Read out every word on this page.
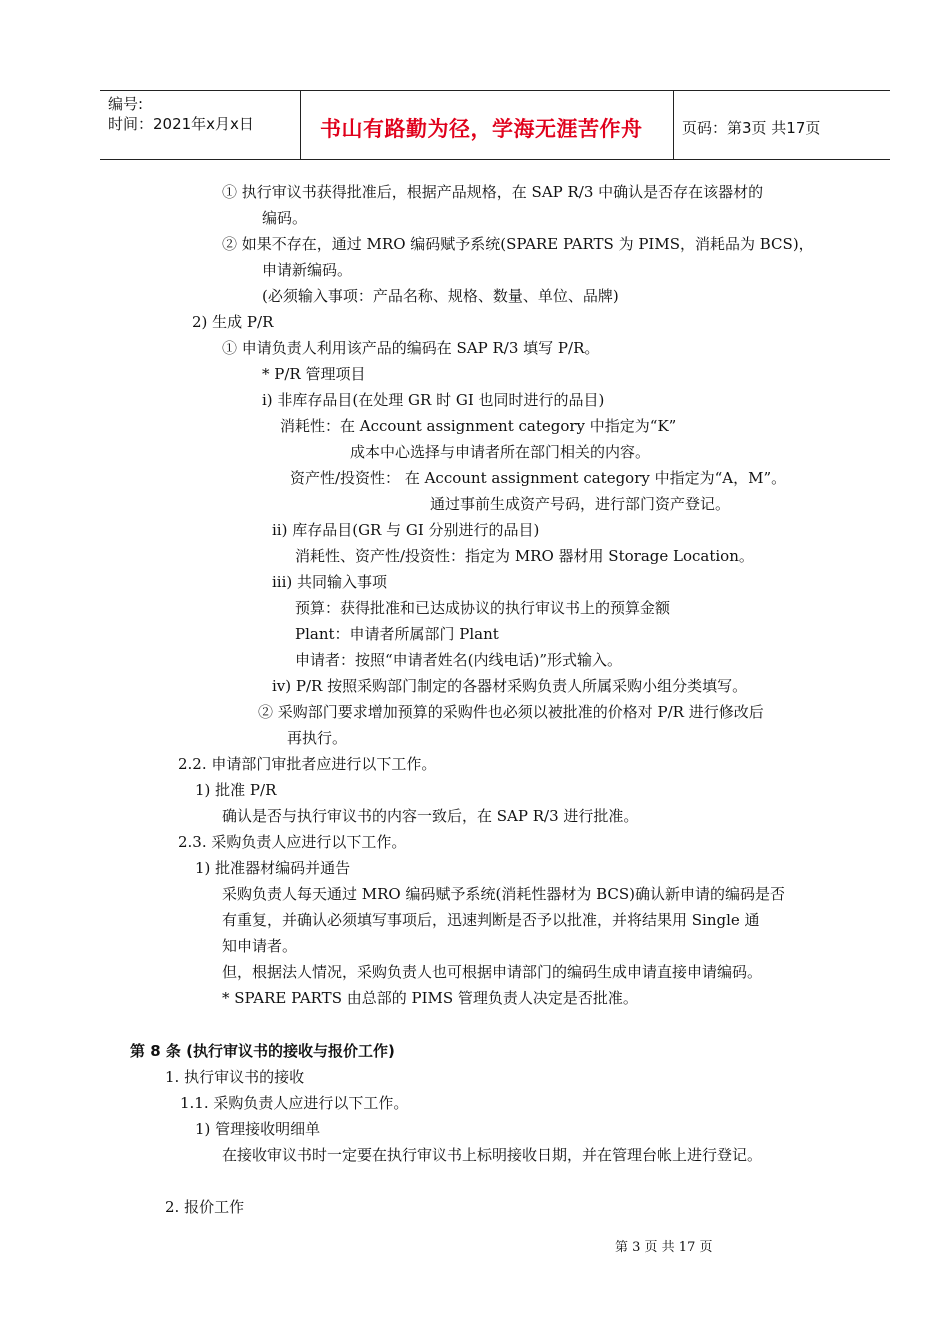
编号:
时间：2021年x月x日	书山有路勤为径，学海无涯苦作舟	页码：第3页 共17页
① 执行审议书获得批准后，根据产品规格，在 SAP R/3 中确认是否存在该器材的
编码。
② 如果不存在，通过 MRO 编码赋予系统(SPARE PARTS 为 PIMS，消耗品为 BCS)，
申请新编码。
(必须输入事项：产品名称、规格、数量、单位、品牌)
2) 生成 P/R
① 申请负责人利用该产品的编码在 SAP R/3 填写 P/R。
* P/R 管理项目
i) 非库存品目(在处理 GR 时 GI 也同时进行的品目)
消耗性：在 Account assignment category 中指定为“K”
成本中心选择与申请者所在部门相关的内容。
资产性/投资性： 在 Account assignment category 中指定为“A，M”。
通过事前生成资产号码，进行部门资产登记。
ii) 库存品目(GR 与 GI 分别进行的品目)
消耗性、资产性/投资性：指定为 MRO 器材用 Storage Location。
iii) 共同输入事项
预算：获得批准和已达成协议的执行审议书上的预算金额
Plant：申请者所属部门 Plant
申请者：按照“申请者姓名(内线电话)”形式输入。
iv) P/R 按照采购部门制定的各器材采购负责人所属采购小组分类填写。
② 采购部门要求增加预算的采购件也必须以被批准的价格对 P/R 进行修改后
再执行。
2.2. 申请部门审批者应进行以下工作。
1) 批准 P/R
确认是否与执行审议书的内容一致后，在 SAP R/3 进行批准。
2.3. 采购负责人应进行以下工作。
1) 批准器材编码并通告
采购负责人每天通过 MRO 编码赋予系统(消耗性器材为 BCS)确认新申请的编码是否
有重复，并确认必须填写事项后，迅速判断是否予以批准，并将结果用 Single 通
知申请者。
但，根据法人情况，采购负责人也可根据申请部门的编码生成申请直接申请编码。
* SPARE PARTS 由总部的 PIMS 管理负责人决定是否批准。
第 8 条 (执行审议书的接收与报价工作)
1. 执行审议书的接收
1.1. 采购负责人应进行以下工作。
1) 管理接收明细单
在接收审议书时一定要在执行审议书上标明接收日期，并在管理台帐上进行登记。
2. 报价工作
第 3 页 共 17 页
